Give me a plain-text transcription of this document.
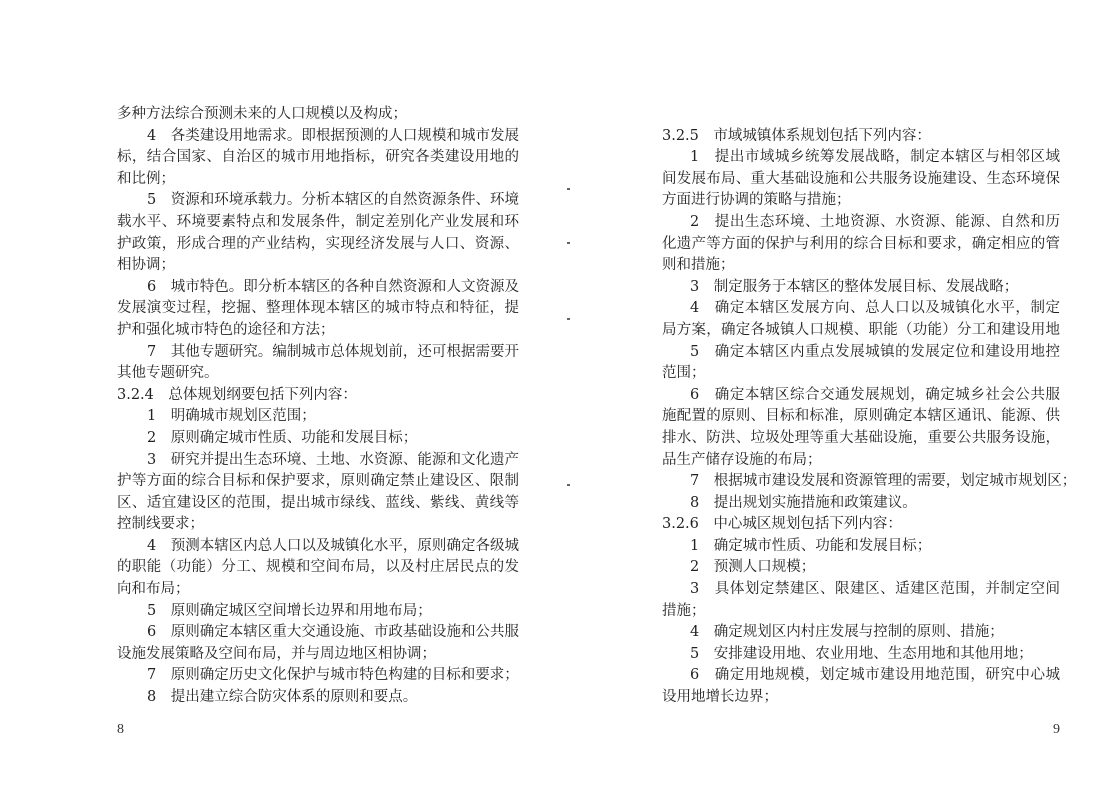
多种方法综合预测未来的人口规模以及构成；
4　各类建设用地需求。即根据预测的人口规模和城市发展
标，结合国家、自治区的城市用地指标，研究各类建设用地的
和比例；
5　资源和环境承载力。分析本辖区的自然资源条件、环境
载水平、环境要素特点和发展条件，制定差别化产业发展和环
护政策，形成合理的产业结构，实现经济发展与人口、资源、
相协调；
6　城市特色。即分析本辖区的各种自然资源和人文资源及
发展演变过程，挖掘、整理体现本辖区的城市特点和特征，提
护和强化城市特色的途径和方法；
7　其他专题研究。编制城市总体规划前，还可根据需要开
其他专题研究。
3.2.4　总体规划纲要包括下列内容：
1　明确城市规划区范围；
2　原则确定城市性质、功能和发展目标；
3　研究并提出生态环境、土地、水资源、能源和文化遗产
护等方面的综合目标和保护要求，原则确定禁止建设区、限制
区、适宜建设区的范围，提出城市绿线、蓝线、紫线、黄线等
控制线要求；
4　预测本辖区内总人口以及城镇化水平，原则确定各级城
的职能（功能）分工、规模和空间布局，以及村庄居民点的发
向和布局；
5　原则确定城区空间增长边界和用地布局；
6　原则确定本辖区重大交通设施、市政基础设施和公共服
设施发展策略及空间布局，并与周边地区相协调；
7　原则确定历史文化保护与城市特色构建的目标和要求；
8　提出建立综合防灾体系的原则和要点。
8
3.2.5　市域城镇体系规划包括下列内容：
1　提出市域城乡统筹发展战略，制定本辖区与相邻区域
间发展布局、重大基础设施和公共服务设施建设、生态环境保
方面进行协调的策略与措施；
2　提出生态环境、土地资源、水资源、能源、自然和历
化遗产等方面的保护与利用的综合目标和要求，确定相应的管
则和措施；
3　制定服务于本辖区的整体发展目标、发展战略；
4　确定本辖区发展方向、总人口以及城镇化水平，制定
局方案，确定各城镇人口规模、职能（功能）分工和建设用地
5　确定本辖区内重点发展城镇的发展定位和建设用地控
范围；
6　确定本辖区综合交通发展规划，确定城乡社会公共服
施配置的原则、目标和标准，原则确定本辖区通讯、能源、供
排水、防洪、垃圾处理等重大基础设施，重要公共服务设施，
品生产储存设施的布局；
7　根据城市建设发展和资源管理的需要，划定城市规划区；
8　提出规划实施措施和政策建议。
3.2.6　中心城区规划包括下列内容：
1　确定城市性质、功能和发展目标；
2　预测人口规模；
3　具体划定禁建区、限建区、适建区范围，并制定空间
措施；
4　确定规划区内村庄发展与控制的原则、措施；
5　安排建设用地、农业用地、生态用地和其他用地；
6　确定用地规模，划定城市建设用地范围，研究中心城
设用地增长边界；
9
